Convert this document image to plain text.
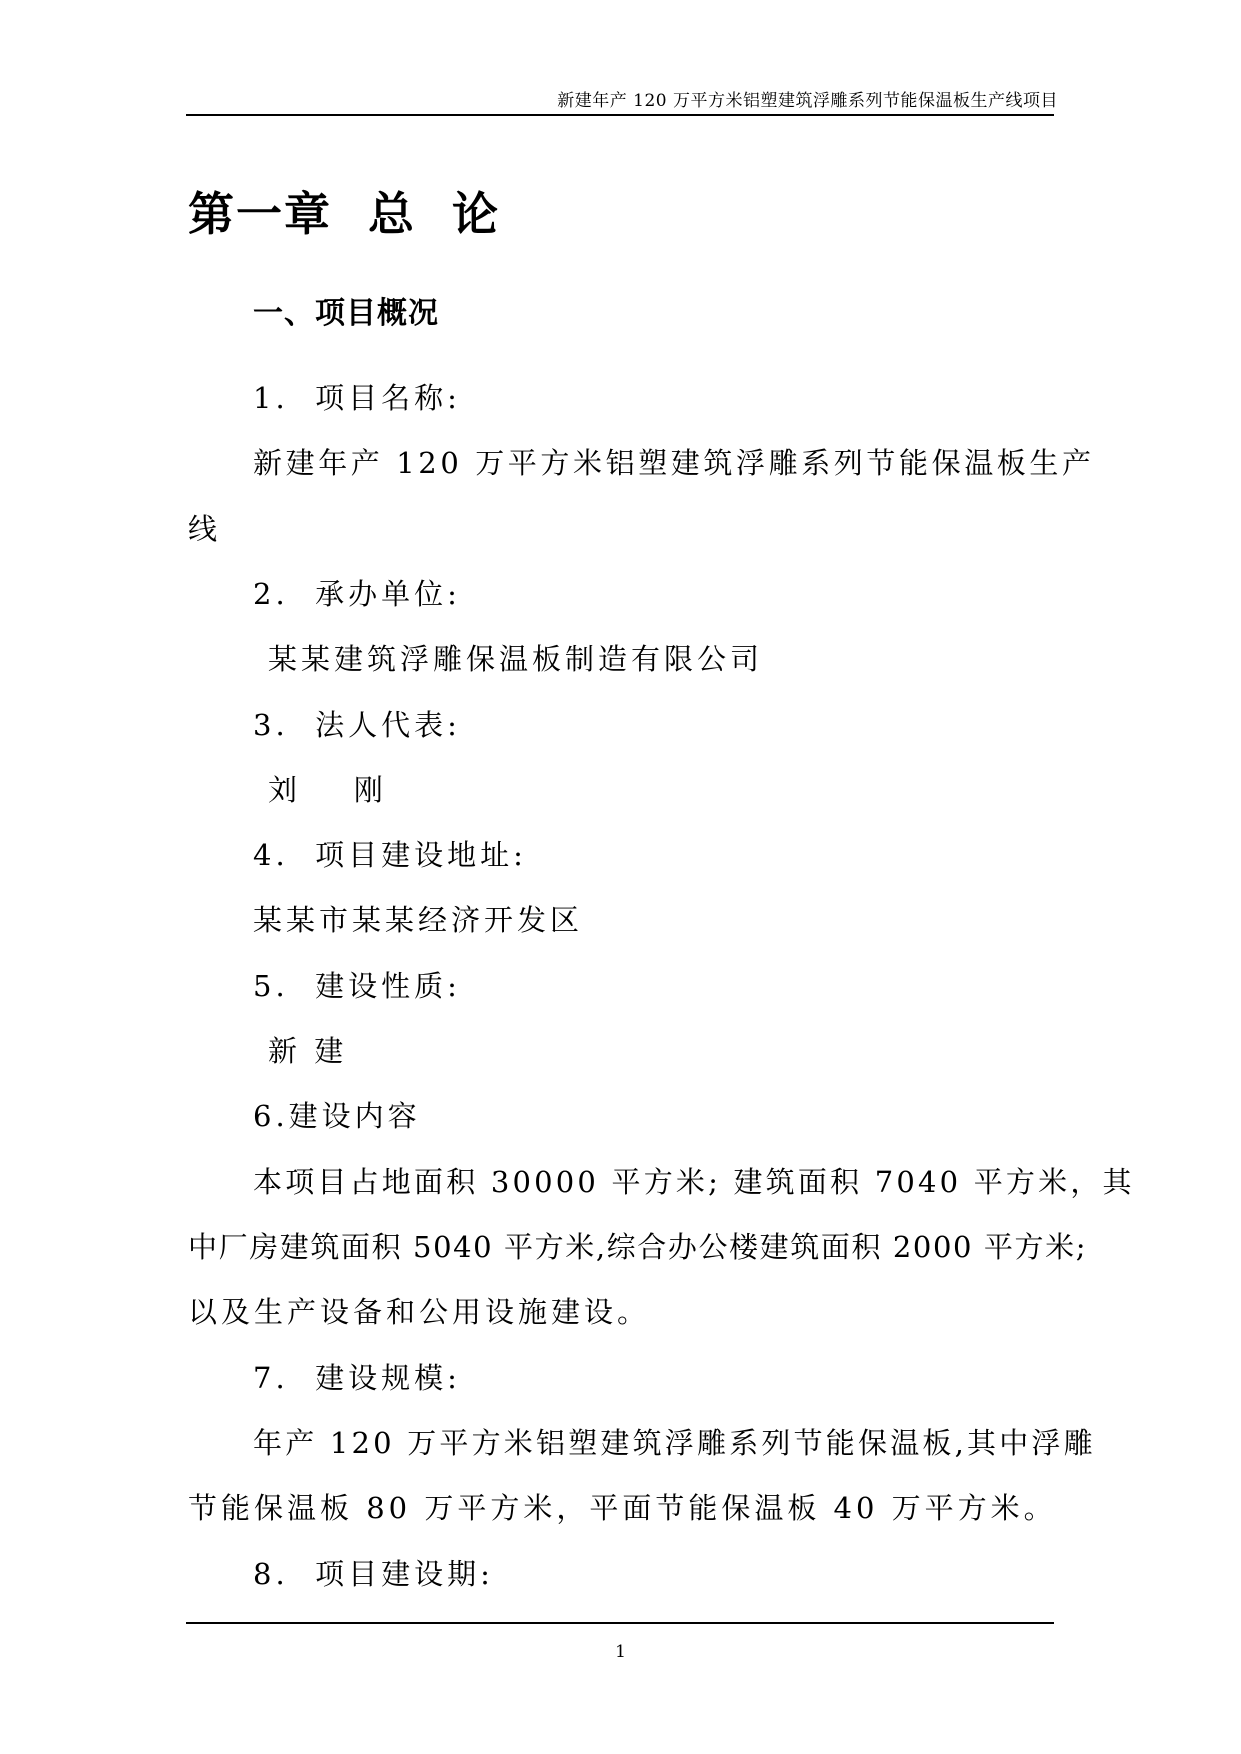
新建年产 120 万平方米铝塑建筑浮雕系列节能保温板生产线项目
第一章  总  论
一、项目概况
1.  项目名称:
新建年产 120 万平方米铝塑建筑浮雕系列节能保温板生产
线
2.  承办单位:
某某建筑浮雕保温板制造有限公司
3.  法人代表:
刘    刚
4.  项目建设地址:
某某市某某经济开发区
5.  建设性质:
新 建
6.建设内容
本项目占地面积 30000 平方米; 建筑面积 7040 平方米，其
中厂房建筑面积 5040 平方米,综合办公楼建筑面积 2000 平方米;
以及生产设备和公用设施建设。
7.  建设规模:
年产 120 万平方米铝塑建筑浮雕系列节能保温板,其中浮雕
节能保温板 80 万平方米，平面节能保温板 40 万平方米。
8.  项目建设期:
1
